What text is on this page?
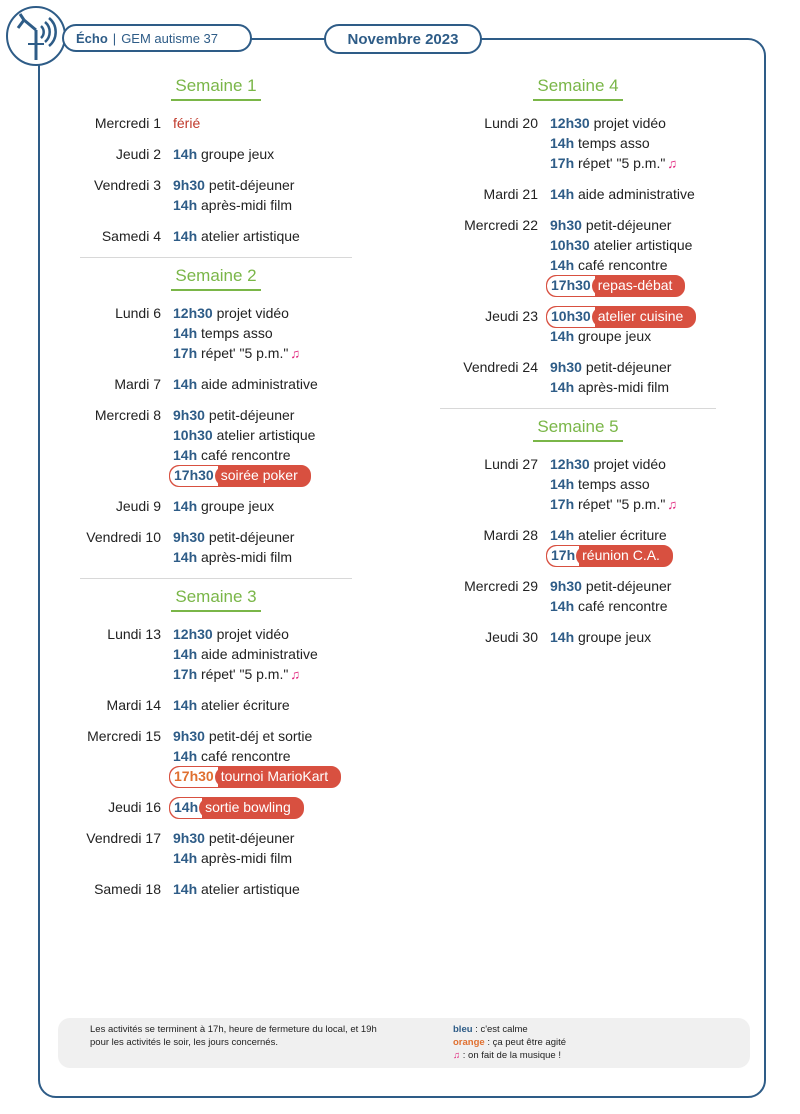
Écho | GEM autisme 37	Novembre 2023
Semaine 1
Mercredi 1 férié
Jeudi 2 14h groupe jeux
Vendredi 3 9h30 petit-déjeuner
14h après-midi film
Samedi 4 14h atelier artistique
Semaine 2
Lundi 6 12h30 projet vidéo
14h temps asso
17h répet' "5 p.m." ♫
Mardi 7 14h aide administrative
Mercredi 8 9h30 petit-déjeuner
10h30 atelier artistique
14h café rencontre
17h30 soirée poker
Jeudi 9 14h groupe jeux
Vendredi 10 9h30 petit-déjeuner
14h après-midi film
Semaine 3
Lundi 13 12h30 projet vidéo
14h aide administrative
17h répet' "5 p.m." ♫
Mardi 14 14h atelier écriture
Mercredi 15 9h30 petit-déj et sortie
14h café rencontre
17h30 tournoi MarioKart
Jeudi 16 14h sortie bowling
Vendredi 17 9h30 petit-déjeuner
14h après-midi film
Samedi 18 14h atelier artistique
Semaine 4
Lundi 20 12h30 projet vidéo
14h temps asso
17h répet' "5 p.m." ♫
Mardi 21 14h aide administrative
Mercredi 22 9h30 petit-déjeuner
10h30 atelier artistique
14h café rencontre
17h30 repas-débat
Jeudi 23 10h30 atelier cuisine
14h groupe jeux
Vendredi 24 9h30 petit-déjeuner
14h après-midi film
Semaine 5
Lundi 27 12h30 projet vidéo
14h temps asso
17h répet' "5 p.m." ♫
Mardi 28 14h atelier écriture
17h réunion C.A.
Mercredi 29 9h30 petit-déjeuner
14h café rencontre
Jeudi 30 14h groupe jeux
Les activités se terminent à 17h, heure de fermeture du local, et 19h pour les activités le soir, les jours concernés.
bleu : c'est calme
orange : ça peut être agité
♫ : on fait de la musique !
